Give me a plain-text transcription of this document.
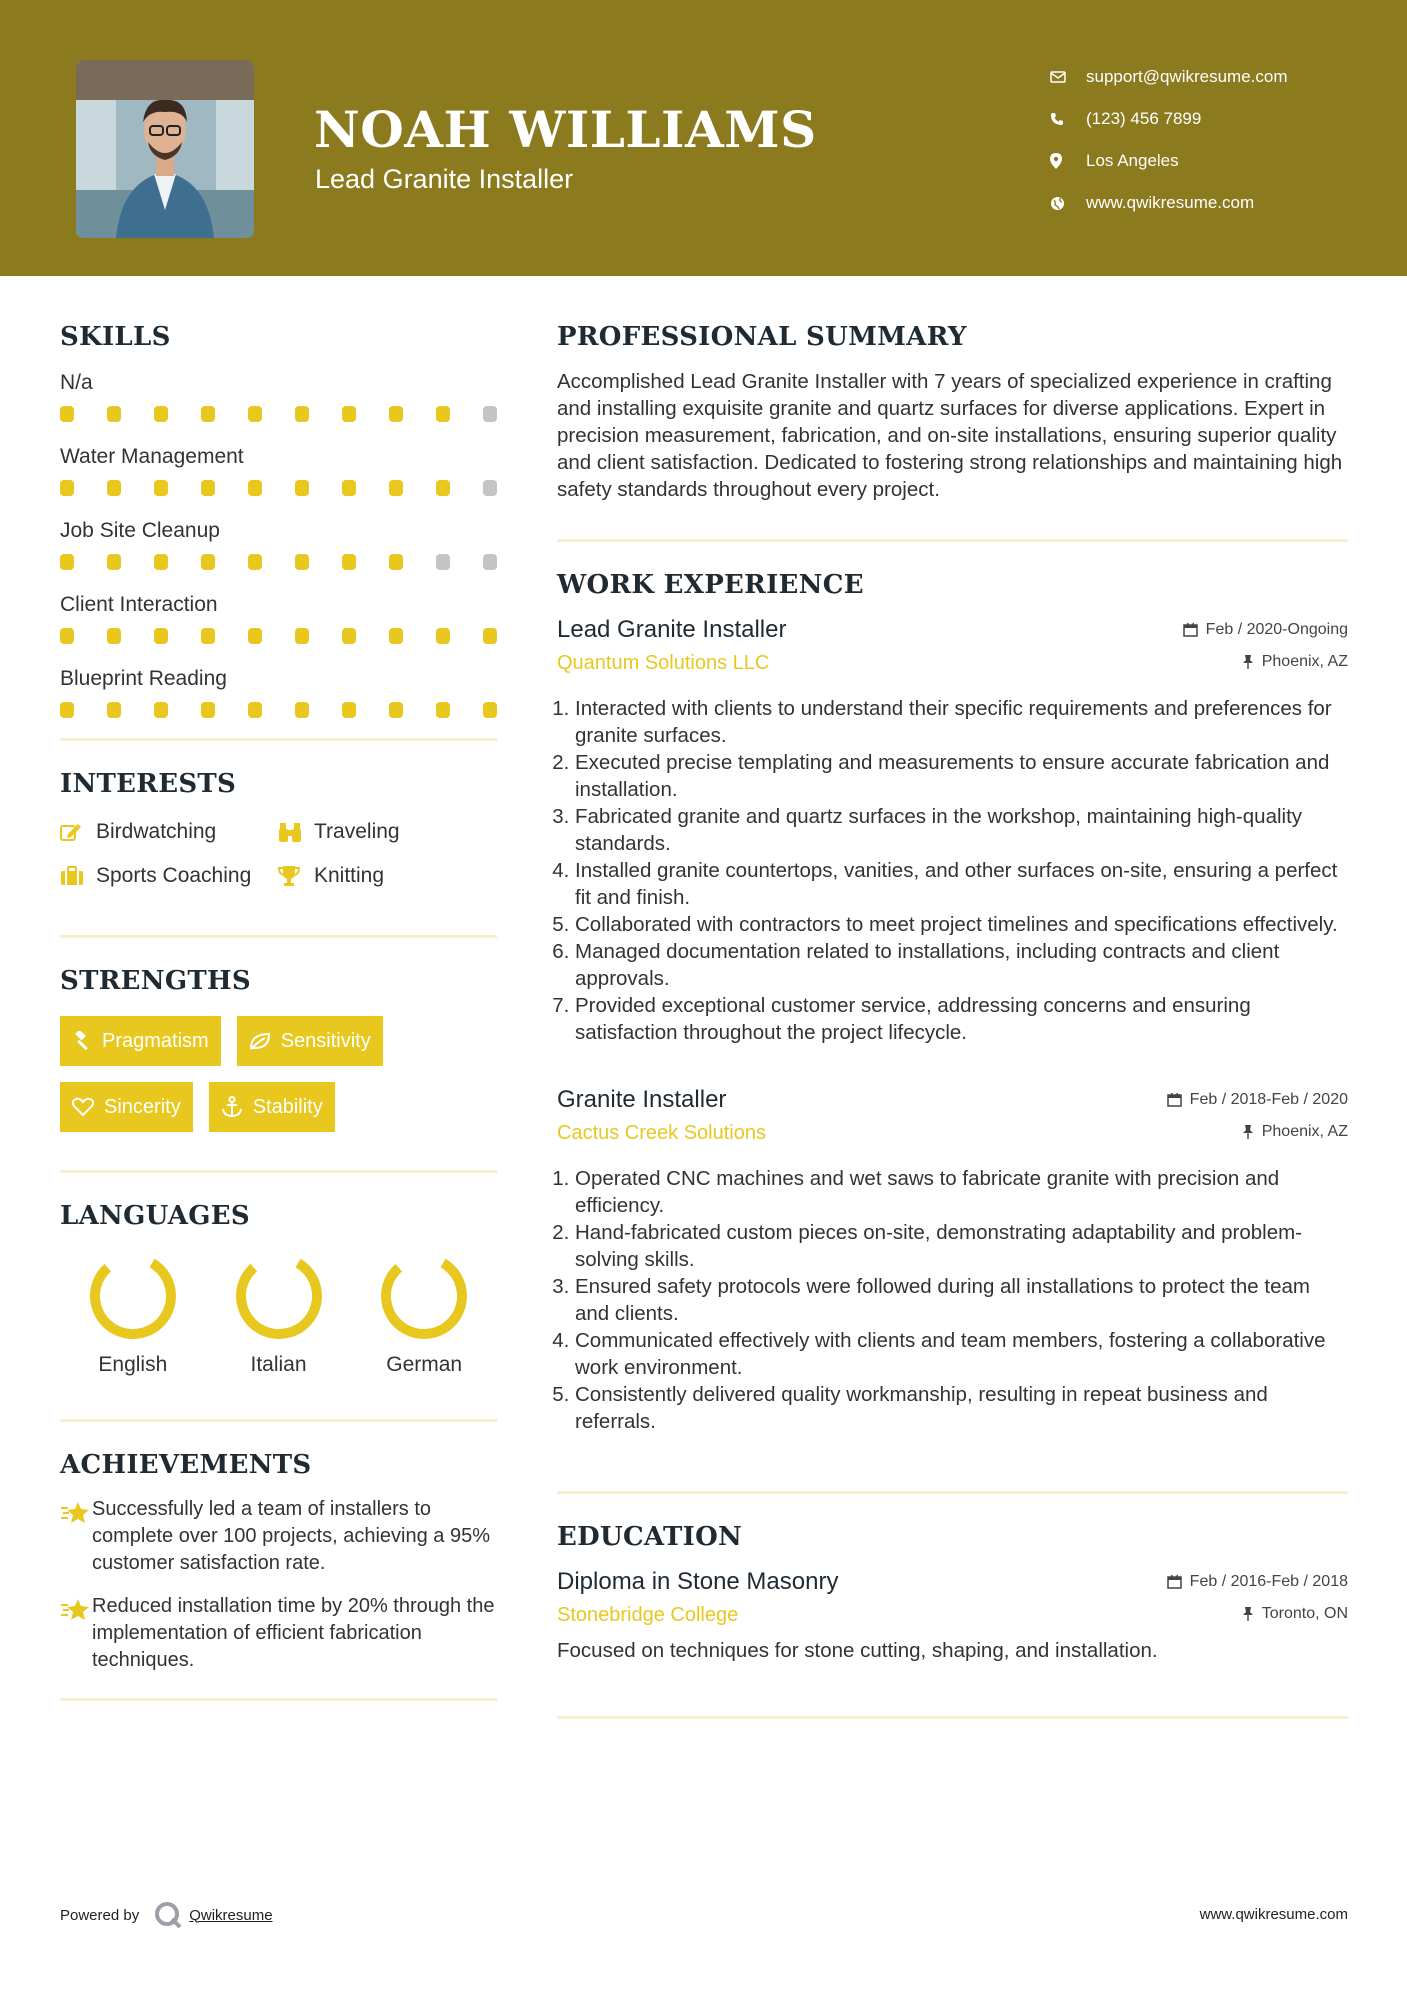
NOAH WILLIAMS
Lead Granite Installer
support@qwikresume.com
(123) 456 7899
Los Angeles
www.qwikresume.com
SKILLS
N/a
Water Management
Job Site Cleanup
Client Interaction
Blueprint Reading
INTERESTS
Birdwatching	Traveling
Sports Coaching	Knitting
STRENGTHS
Pragmatism	Sensitivity
Sincerity	Stability
LANGUAGES
English	Italian	German
ACHIEVEMENTS
Successfully led a team of installers to complete over 100 projects, achieving a 95% customer satisfaction rate.
Reduced installation time by 20% through the implementation of efficient fabrication techniques.
PROFESSIONAL SUMMARY
Accomplished Lead Granite Installer with 7 years of specialized experience in crafting and installing exquisite granite and quartz surfaces for diverse applications. Expert in precision measurement, fabrication, and on-site installations, ensuring superior quality and client satisfaction. Dedicated to fostering strong relationships and maintaining high safety standards throughout every project.
WORK EXPERIENCE
Lead Granite Installer	Feb / 2020-Ongoing
Quantum Solutions LLC	Phoenix, AZ
1. Interacted with clients to understand their specific requirements and preferences for granite surfaces.
2. Executed precise templating and measurements to ensure accurate fabrication and installation.
3. Fabricated granite and quartz surfaces in the workshop, maintaining high-quality standards.
4. Installed granite countertops, vanities, and other surfaces on-site, ensuring a perfect fit and finish.
5. Collaborated with contractors to meet project timelines and specifications effectively.
6. Managed documentation related to installations, including contracts and client approvals.
7. Provided exceptional customer service, addressing concerns and ensuring satisfaction throughout the project lifecycle.
Granite Installer	Feb / 2018-Feb / 2020
Cactus Creek Solutions	Phoenix, AZ
1. Operated CNC machines and wet saws to fabricate granite with precision and efficiency.
2. Hand-fabricated custom pieces on-site, demonstrating adaptability and problem-solving skills.
3. Ensured safety protocols were followed during all installations to protect the team and clients.
4. Communicated effectively with clients and team members, fostering a collaborative work environment.
5. Consistently delivered quality workmanship, resulting in repeat business and referrals.
EDUCATION
Diploma in Stone Masonry	Feb / 2016-Feb / 2018
Stonebridge College	Toronto, ON
Focused on techniques for stone cutting, shaping, and installation.
Powered by	Qwikresume	www.qwikresume.com
